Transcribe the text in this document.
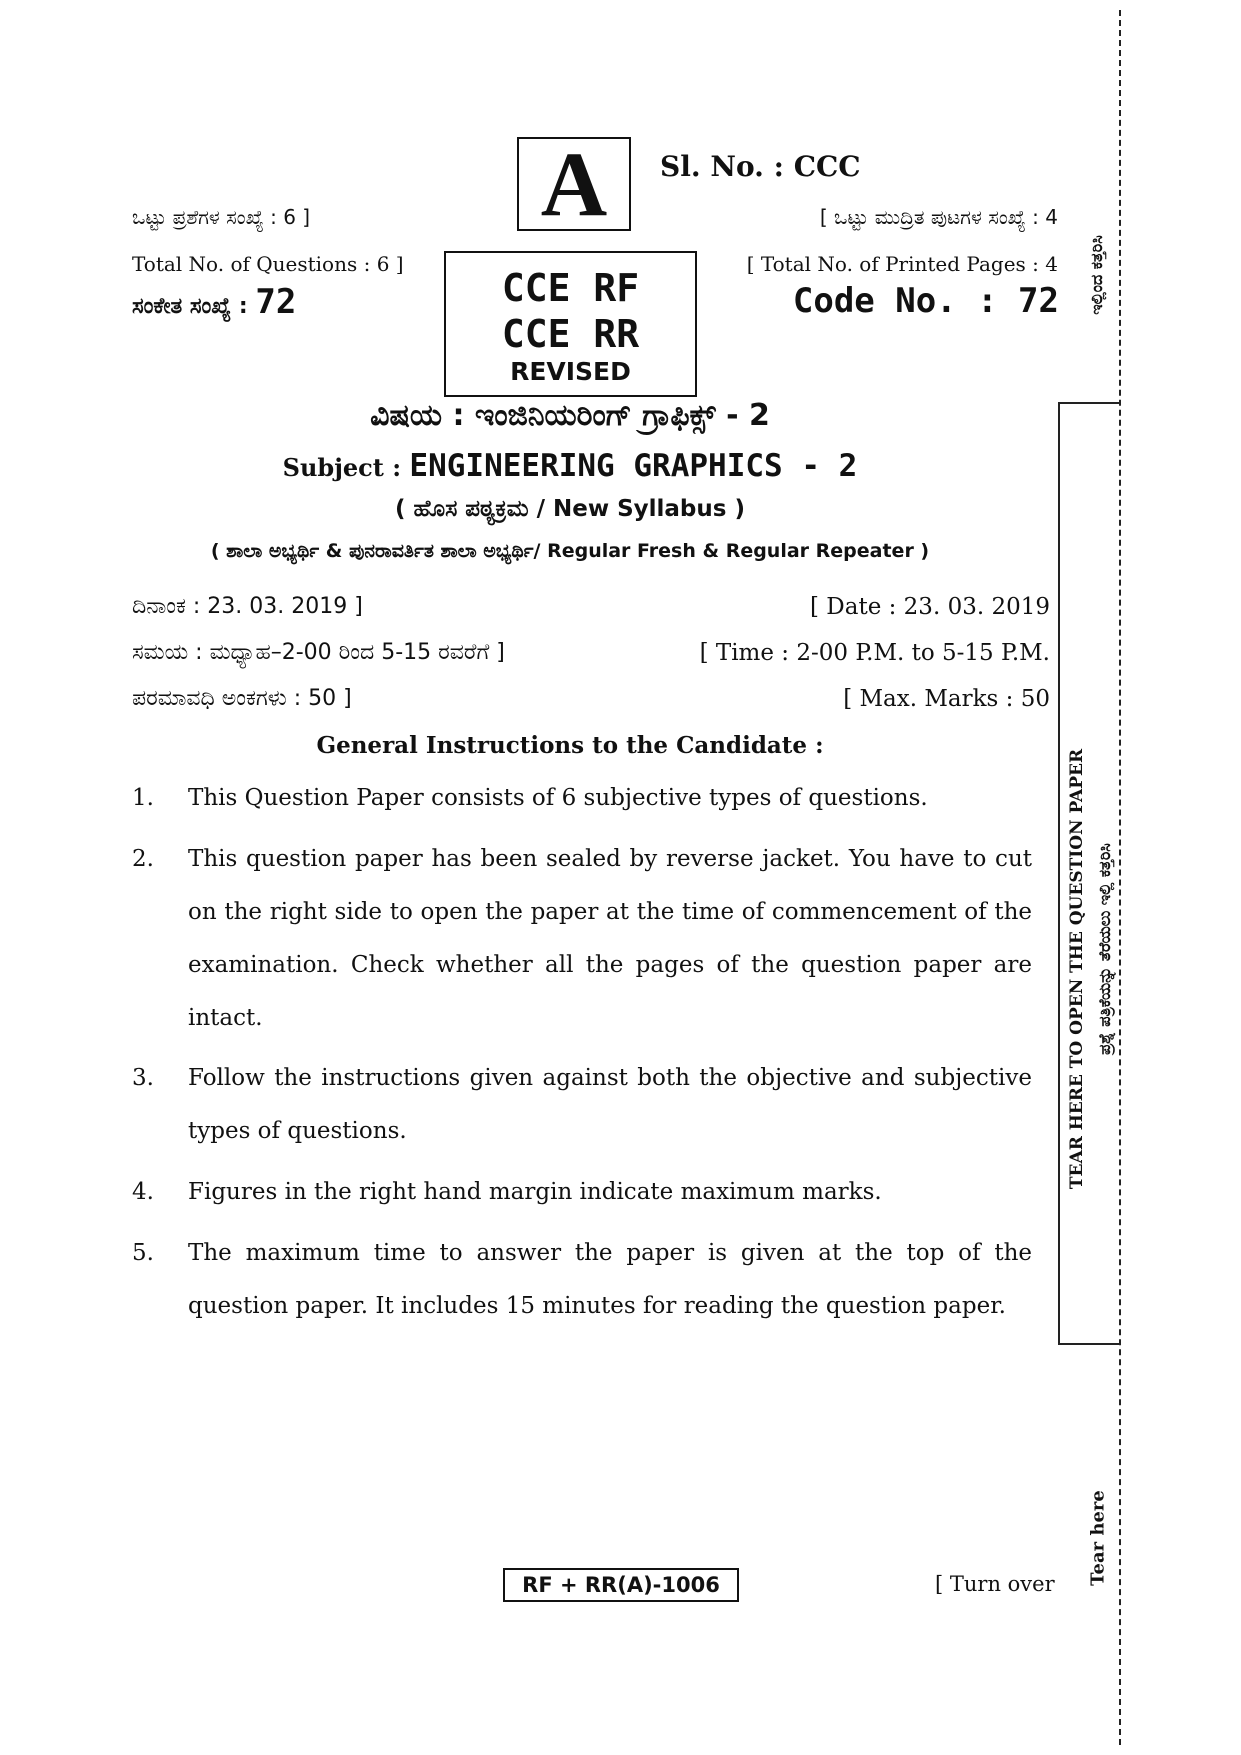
A Sl. No. : CCC
ಒಟ್ಟು ಪ್ರಶೆಗಳ ಸಂಖ್ಯೆ : 6 ]	[ ಒಟ್ಟು ಮುದ್ರಿತ ಪುಟಗಳ ಸಂಖ್ಯೆ : 4
Total No. of Questions : 6 ]	[ Total No. of Printed Pages : 4
CCE RF
CCE RR
REVISED
ಸಂಕೇತ ಸಂಖ್ಯೆ : 72	Code No. : 72
ವಿಷಯ : ಇಂಜಿನಿಯರಿಂಗ್ ಗ್ರಾಫಿಕ್ಸ್ - 2
Subject : ENGINEERING GRAPHICS - 2
( ಹೊಸ ಪಠ್ಯಕ್ರಮ / New Syllabus )
( ಶಾಲಾ ಅಭ್ಯರ್ಥಿ & ಪುನರಾವರ್ತಿತ ಶಾಲಾ ಅಭ್ಯರ್ಥಿ/ Regular Fresh & Regular Repeater )
ದಿನಾಂಕ : 23. 03. 2019 ]	[ Date : 23. 03. 2019
ಸಮಯ : ಮಧ್ಯಾಹ–2-00 ರಿಂದ 5-15 ರವರೆಗೆ ]	[ Time : 2-00 P.M. to 5-15 P.M.
ಪರಮಾವಧಿ ಅಂಕಗಳು : 50 ]	[ Max. Marks : 50
General Instructions to the Candidate :
1. This Question Paper consists of 6 subjective types of questions.
2. This question paper has been sealed by reverse jacket. You have to cut on the right side to open the paper at the time of commencement of the examination. Check whether all the pages of the question paper are intact.
3. Follow the instructions given against both the objective and subjective types of questions.
4. Figures in the right hand margin indicate maximum marks.
5. The maximum time to answer the paper is given at the top of the question paper. It includes 15 minutes for reading the question paper.
RF + RR(A)-1006	[ Turn over
ಇಲ್ಲಿಂದ ಕತ್ತರಿಸಿ
TEAR HERE TO OPEN THE QUESTION PAPER ಪ್ರಶ್ನೆ ಪತ್ರಿಕೆಯನ್ನು ತೆರೆಯಲು ಇಲ್ಲಿ ಕತ್ತರಿಸಿ
Tear here
